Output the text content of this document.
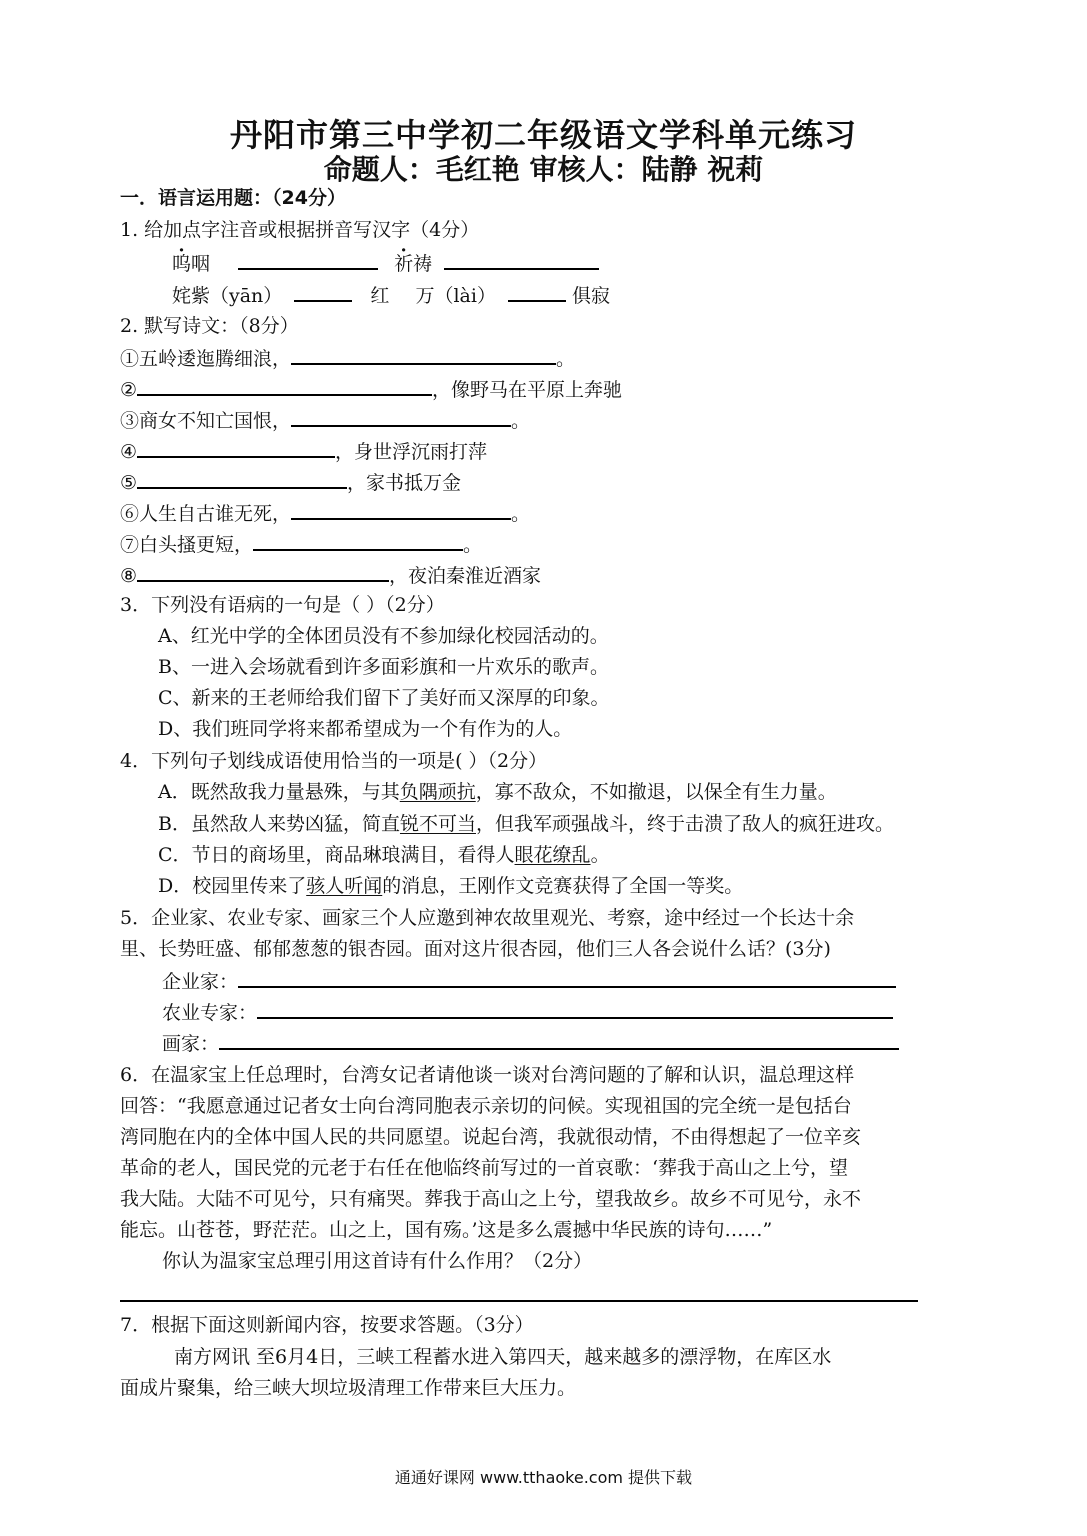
丹阳市第三中学初二年级语文学科单元练习
命题人：毛红艳 审核人：陆静 祝莉
一．语言运用题：（24分）
1. 给加点字注音或根据拼音写汉字（4分）
呜咽	祈祷
姹紫（yān）	红 万（lài）	俱寂
2. 默写诗文：（8分）
①五岭逶迤腾细浪，	。
②	，像野马在平原上奔驰
③商女不知亡国恨，	。
④	，身世浮沉雨打萍
⑤	，家书抵万金
⑥人生自古谁无死，	。
⑦白头搔更短，	。
⑧	，夜泊秦淮近酒家
3．下列没有语病的一句是（ ）（2分）
A、红光中学的全体团员没有不参加绿化校园活动的。
B、一进入会场就看到许多面彩旗和一片欢乐的歌声。
C、新来的王老师给我们留下了美好而又深厚的印象。
D、我们班同学将来都希望成为一个有作为的人。
4．下列句子划线成语使用恰当的一项是( ）（2分）
A．既然敌我力量悬殊，与其负隅顽抗，寡不敌众，不如撤退，以保全有生力量。
B．虽然敌人来势凶猛，简直锐不可当，但我军顽强战斗，终于击溃了敌人的疯狂进攻。
C．节日的商场里，商品琳琅满目，看得人眼花缭乱。
D．校园里传来了骇人听闻的消息，王刚作文竞赛获得了全国一等奖。
5．企业家、农业专家、画家三个人应邀到神农故里观光、考察，途中经过一个长达十余
里、长势旺盛、郁郁葱葱的银杏园。面对这片很杏园，他们三人各会说什么话？(3分)
企业家：
农业专家：
画家：
6．在温家宝上任总理时，台湾女记者请他谈一谈对台湾问题的了解和认识，温总理这样
回答：“我愿意通过记者女士向台湾同胞表示亲切的问候。实现祖国的完全统一是包括台
湾同胞在内的全体中国人民的共同愿望。说起台湾，我就很动情，不由得想起了一位辛亥
革命的老人，国民党的元老于右任在他临终前写过的一首哀歌：‘葬我于高山之上兮，望
我大陆。大陆不可见兮，只有痛哭。葬我于高山之上兮，望我故乡。故乡不可见兮，永不
能忘。山苍苍，野茫茫。山之上，国有殇。’这是多么震撼中华民族的诗句……”
你认为温家宝总理引用这首诗有什么作用？（2分）
7．根据下面这则新闻内容，按要求答题。（3分）
南方网讯 至6月4日，三峡工程蓄水进入第四天，越来越多的漂浮物，在库区水
面成片聚集，给三峡大坝垃圾清理工作带来巨大压力。
通通好课网 www.tthaoke.com 提供下载
